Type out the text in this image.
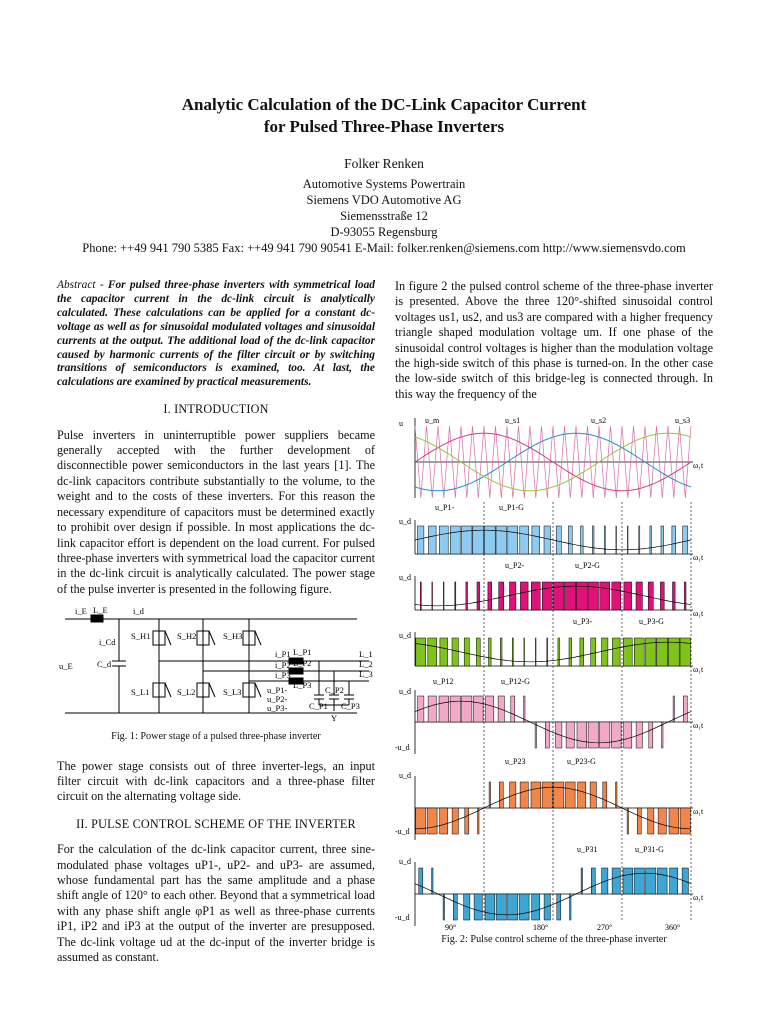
Analytic Calculation of the DC-Link Capacitor Current
for Pulsed Three-Phase Inverters
Folker Renken
Automotive Systems Powertrain
Siemens VDO Automotive AG
Siemensstraße 12
D-93055 Regensburg
Phone: ++49 941 790 5385 Fax: ++49 941 790 90541 E-Mail: folker.renken@siemens.com http://www.siemensvdo.com

Abstract - For pulsed three-phase inverters with symmetrical load the capacitor current in the dc-link circuit is analytically calculated. These calculations can be applied for a constant dc-voltage as well as for sinusoidal modulated voltages and sinusoidal currents at the output. The additional load of the dc-link capacitor caused by harmonic currents of the filter circuit or by switching transitions of semiconductors is examined, too. At last, the calculations are examined by practical measurements.

I. INTRODUCTION

Pulse inverters in uninterruptible power suppliers became generally accepted with the further development of disconnectible power semiconductors in the last years [1]. The dc-link capacitors contribute substantially to the volume, to the weight and to the costs of these inverters. For this reason the necessary expenditure of capacitors must be determined exactly to prohibit over design if possible. In most applications the dc-link capacitor effort is dependent on the load current. For pulsed three-phase inverters with symmetrical load the capacitor current in the dc-link circuit is analytically calculated. The power stage of the pulse inverter is presented in the following figure.

i_E L_E	i_d
i_Cd
C_d
u_E
S_H1	S_H2	S_H3
S_L1	S_L2	S_L3
i_P1
i_P2
i_P3
L_P1
L_P2
L_P3
L_1
L_2
L_3
u_P1-
u_P2-
u_P3-	C_P1
C_P2
C_P3
Y
Fig. 1: Power stage of a pulsed three-phase inverter

The power stage consists out of three inverter-legs, an input filter circuit with dc-link capacitors and a three-phase filter circuit on the alternating voltage side.

II. PULSE CONTROL SCHEME OF THE INVERTER

For the calculation of the dc-link capacitor current, three sine-modulated phase voltages uP1-, uP2- and uP3- are assumed, whose fundamental part has the same amplitude and a phase shift angle of 120° to each other. Beyond that a symmetrical load with any phase shift angle φP1 as well as three-phase currents iP1, iP2 and iP3 at the output of the inverter are presupposed. The dc-link voltage ud at the dc-input of the inverter bridge is assumed as constant.

In figure 2 the pulsed control scheme of the three-phase inverter is presented. Above the three 120°-shifted sinusoidal control voltages us1, us2, and us3 are compared with a higher frequency triangle shaped modulation voltage um. If one phase of the sinusoidal control voltages is higher than the modulation voltage the high-side switch of this phase is turned-on. In the other case the low-side switch of this bridge-leg is connected through. In this way the frequency of the

u	u_m	u_s1	u_s2	u_s3
ω₁t
u_P1-	u_P1-G
u_d
ω₁t
u_P2-	u_P2-G
u_d
ω₁t
u_P3-	u_P3-G
u_d
ω₁t
u_P12	u_P12-G
u_d
ω₁t
-u_d
u_P23	u_P23-G
u_d
ω₁t
-u_d
u_P31	u_P31-G
u_d
ω₁t
-u_d
90°	180°	270°	360°
Fig. 2: Pulse control scheme of the three-phase inverter
